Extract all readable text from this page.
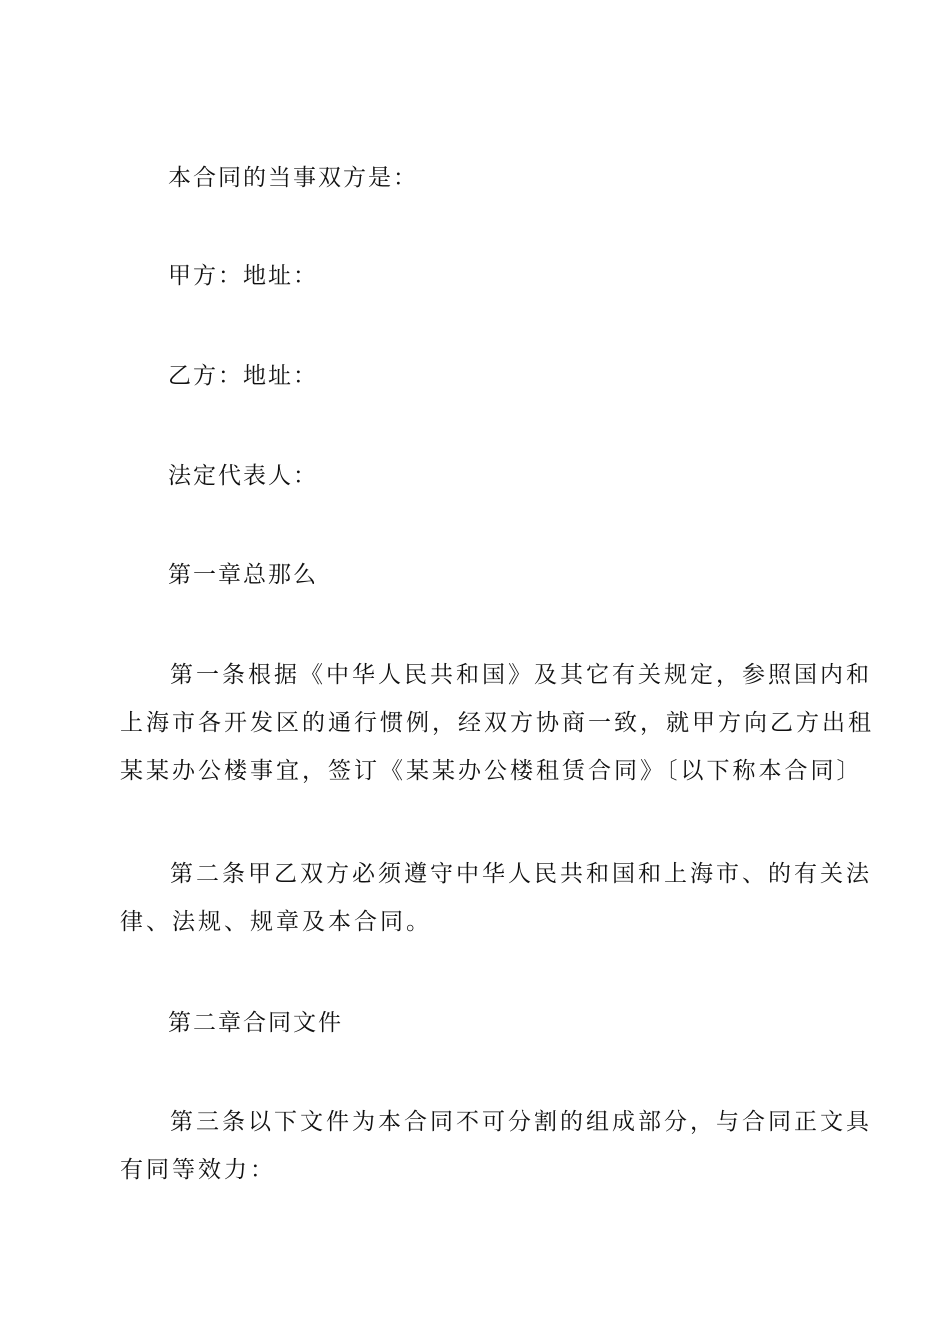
本合同的当事双方是：
甲方：地址：
乙方：地址：
法定代表人：
第一章总那么
第一条根据《中华人民共和国》及其它有关规定，参照国内和
上海市各开发区的通行惯例，经双方协商一致，就甲方向乙方出租
某某办公楼事宜，签订《某某办公楼租赁合同》〔以下称本合同〕
第二条甲乙双方必须遵守中华人民共和国和上海市、的有关法
律、法规、规章及本合同。
第二章合同文件
第三条以下文件为本合同不可分割的组成部分，与合同正文具
有同等效力：
